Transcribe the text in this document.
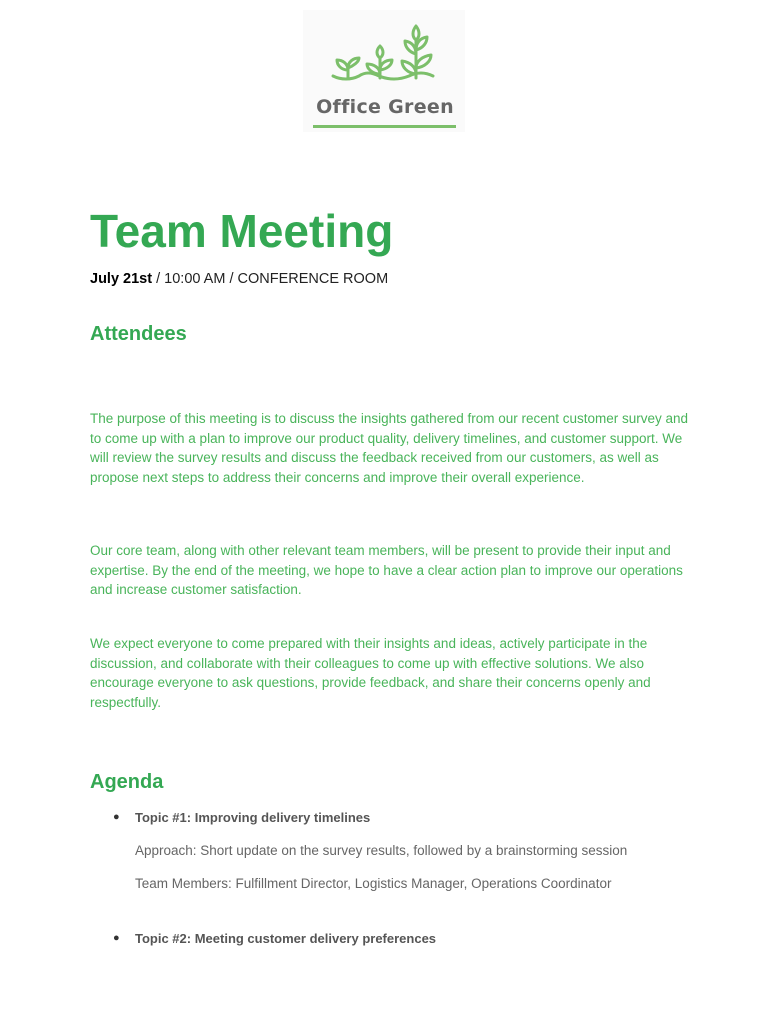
Office Green
Team Meeting
July 21st / 10:00 AM / CONFERENCE ROOM
Attendees

The purpose of this meeting is to discuss the insights gathered from our recent customer survey and to come up with a plan to improve our product quality, delivery timelines, and customer support. We will review the survey results and discuss the feedback received from our customers, as well as propose next steps to address their concerns and improve their overall experience.

Our core team, along with other relevant team members, will be present to provide their input and expertise. By the end of the meeting, we hope to have a clear action plan to improve our operations and increase customer satisfaction.

We expect everyone to come prepared with their insights and ideas, actively participate in the discussion, and collaborate with their colleagues to come up with effective solutions. We also encourage everyone to ask questions, provide feedback, and share their concerns openly and respectfully.

Agenda
● Topic #1: Improving delivery timelines
Approach: Short update on the survey results, followed by a brainstorming session
Team Members: Fulfillment Director, Logistics Manager, Operations Coordinator
● Topic #2: Meeting customer delivery preferences
